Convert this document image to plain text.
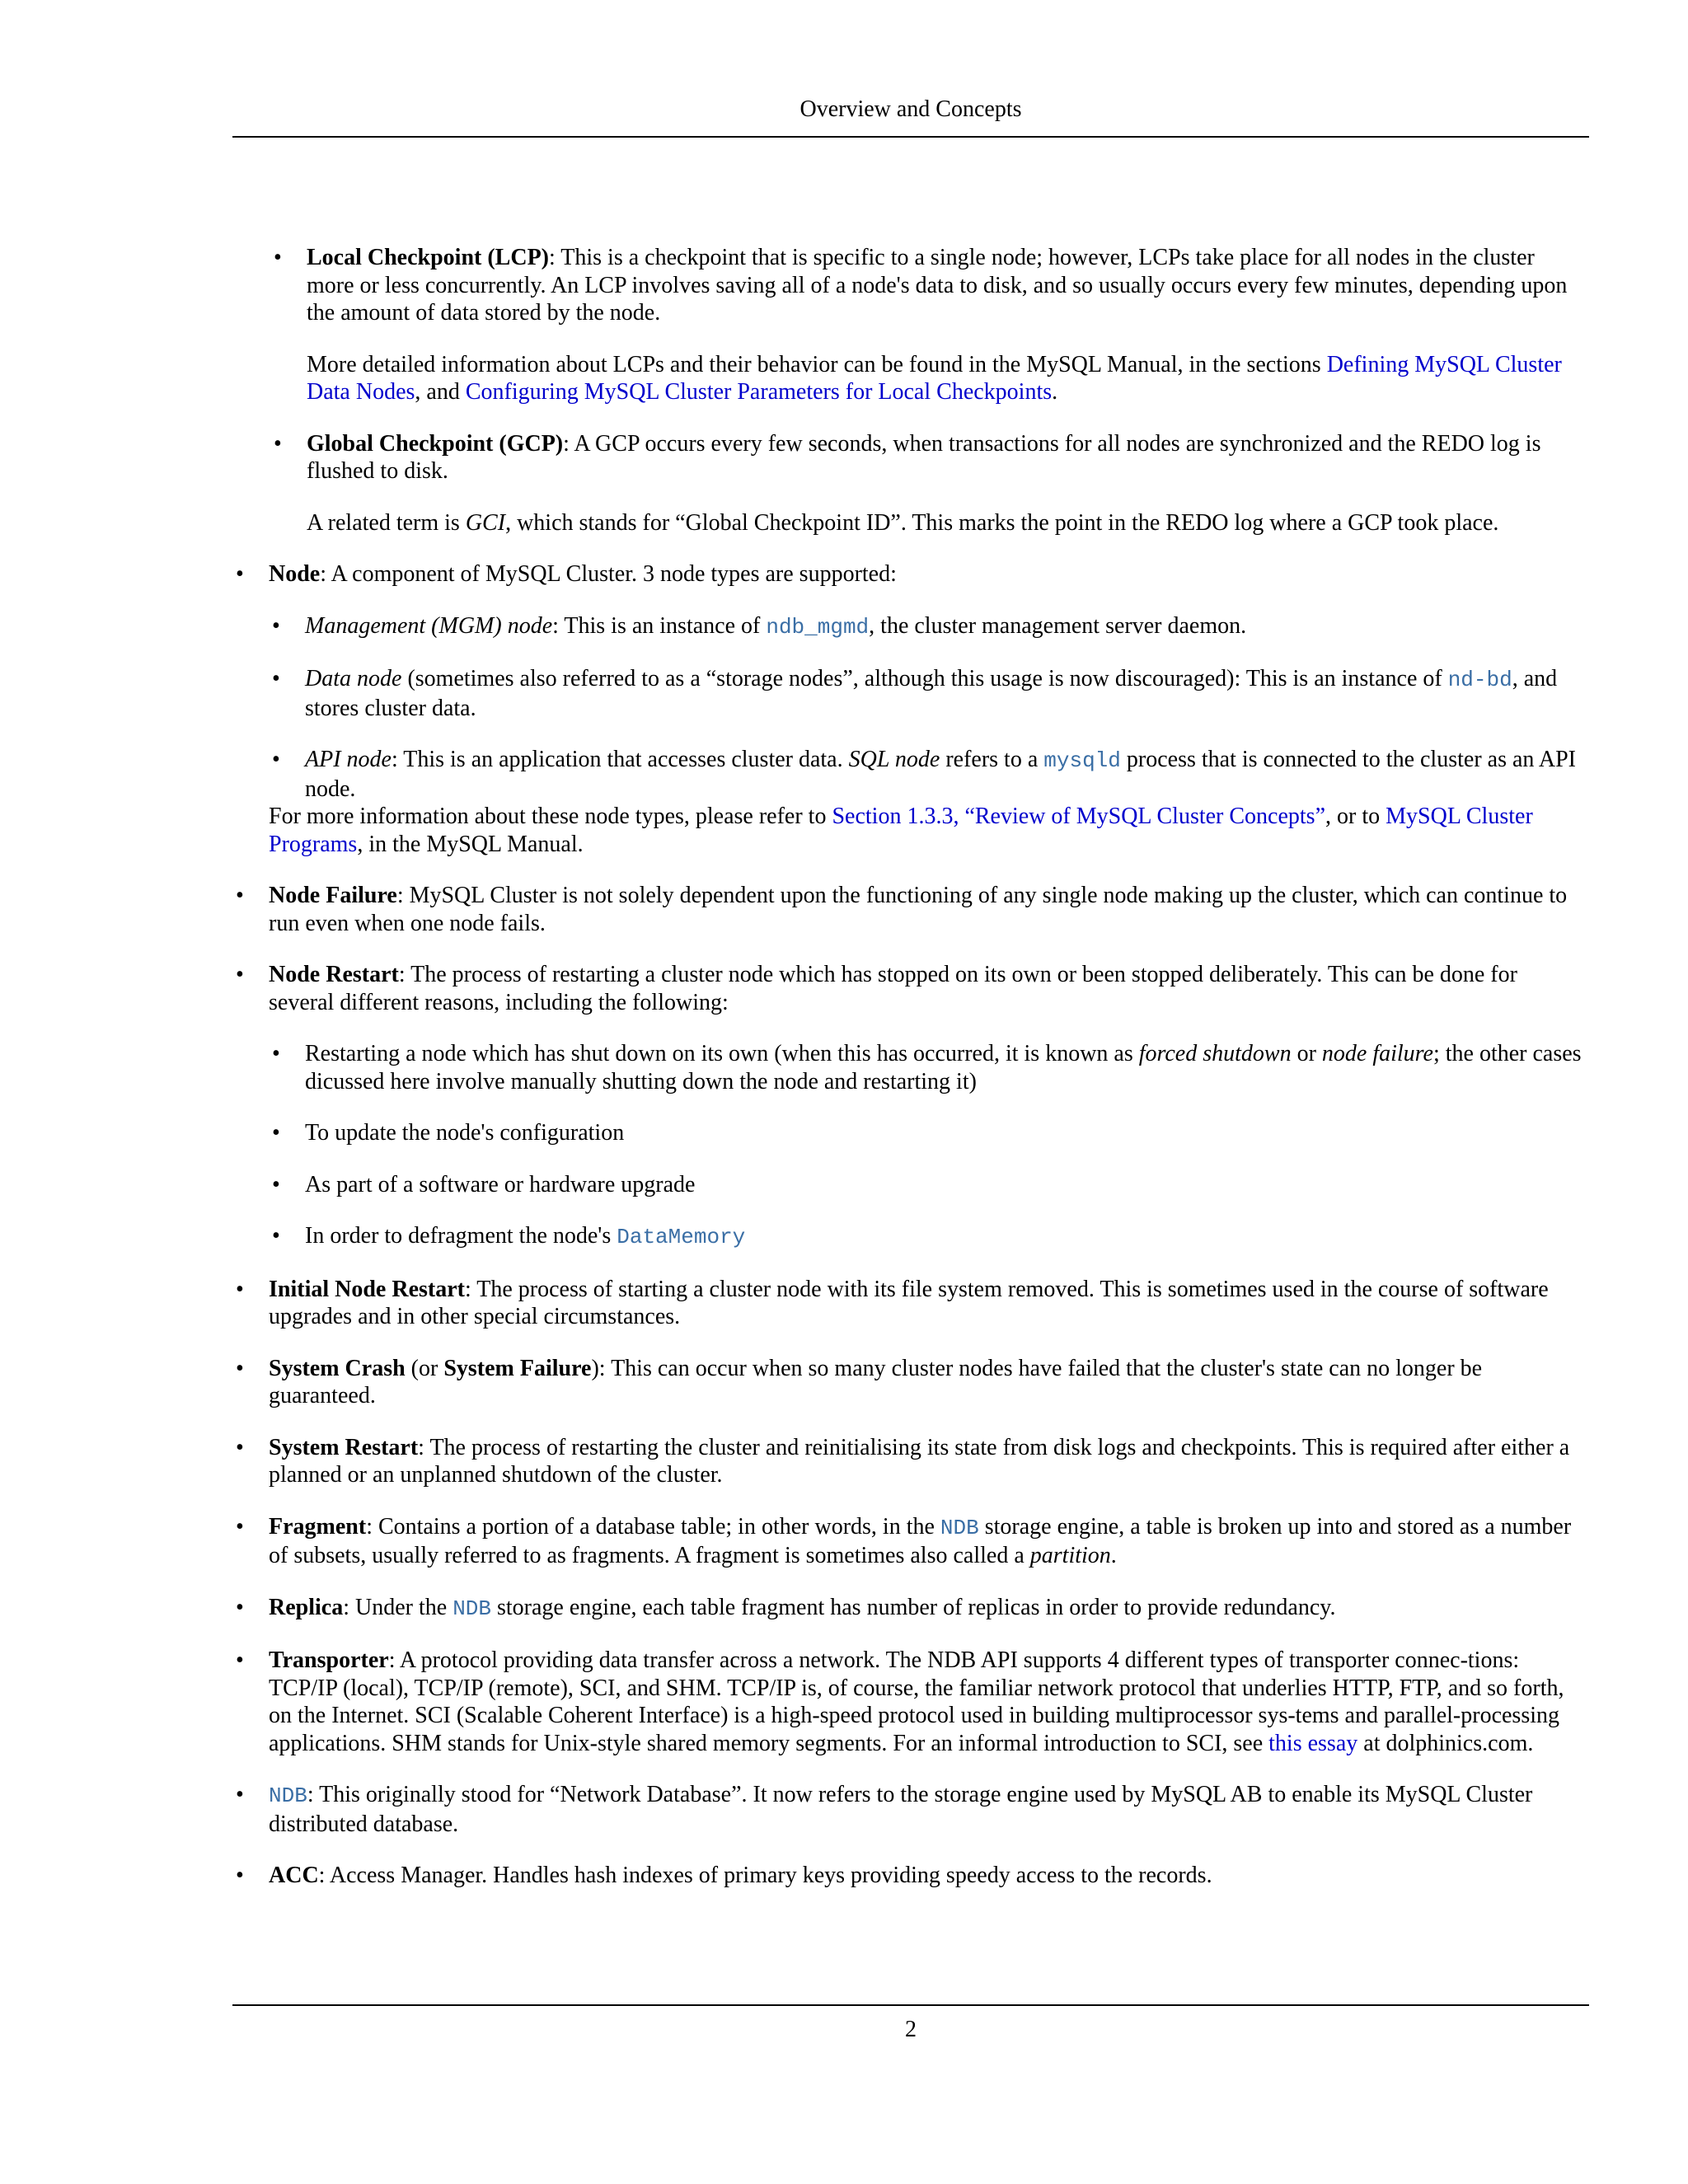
Overview and Concepts
• Local Checkpoint (LCP): This is a checkpoint that is specific to a single node; however, LCPs take place for all nodes in the cluster more or less concurrently. An LCP involves saving all of a node's data to disk, and so usually occurs every few minutes, depending upon the amount of data stored by the node.

More detailed information about LCPs and their behavior can be found in the MySQL Manual, in the sections Defining MySQL Cluster Data Nodes, and Configuring MySQL Cluster Parameters for Local Checkpoints.

• Global Checkpoint (GCP): A GCP occurs every few seconds, when transactions for all nodes are synchronized and the REDO log is flushed to disk.

A related term is GCI, which stands for “Global Checkpoint ID”. This marks the point in the REDO log where a GCP took place.

• Node: A component of MySQL Cluster. 3 node types are supported:
• Management (MGM) node: This is an instance of ndb_mgmd, the cluster management server daemon.
• Data node (sometimes also referred to as a “storage nodes”, although this usage is now discouraged): This is an instance of nd-bd, and stores cluster data.
• API node: This is an application that accesses cluster data. SQL node refers to a mysqld process that is connected to the cluster as an API node.
For more information about these node types, please refer to Section 1.3.3, “Review of MySQL Cluster Concepts”, or to MySQL Cluster Programs, in the MySQL Manual.
• Node Failure: MySQL Cluster is not solely dependent upon the functioning of any single node making up the cluster, which can continue to run even when one node fails.
• Node Restart: The process of restarting a cluster node which has stopped on its own or been stopped deliberately. This can be done for several different reasons, including the following:
• Restarting a node which has shut down on its own (when this has occurred, it is known as forced shutdown or node failure; the other cases dicussed here involve manually shutting down the node and restarting it)
• To update the node's configuration
• As part of a software or hardware upgrade
• In order to defragment the node's DataMemory
• Initial Node Restart: The process of starting a cluster node with its file system removed. This is sometimes used in the course of software upgrades and in other special circumstances.
• System Crash (or System Failure): This can occur when so many cluster nodes have failed that the cluster's state can no longer be guaranteed.
• System Restart: The process of restarting the cluster and reinitialising its state from disk logs and checkpoints. This is required after either a planned or an unplanned shutdown of the cluster.
• Fragment: Contains a portion of a database table; in other words, in the NDB storage engine, a table is broken up into and stored as a number of subsets, usually referred to as fragments. A fragment is sometimes also called a partition.
• Replica: Under the NDB storage engine, each table fragment has number of replicas in order to provide redundancy.
• Transporter: A protocol providing data transfer across a network. The NDB API supports 4 different types of transporter connec-tions: TCP/IP (local), TCP/IP (remote), SCI, and SHM. TCP/IP is, of course, the familiar network protocol that underlies HTTP, FTP, and so forth, on the Internet. SCI (Scalable Coherent Interface) is a high-speed protocol used in building multiprocessor sys-tems and parallel-processing applications. SHM stands for Unix-style shared memory segments. For an informal introduction to SCI, see this essay at dolphinics.com.
• NDB: This originally stood for “Network Database”. It now refers to the storage engine used by MySQL AB to enable its MySQL Cluster distributed database.
• ACC: Access Manager. Handles hash indexes of primary keys providing speedy access to the records.
2
